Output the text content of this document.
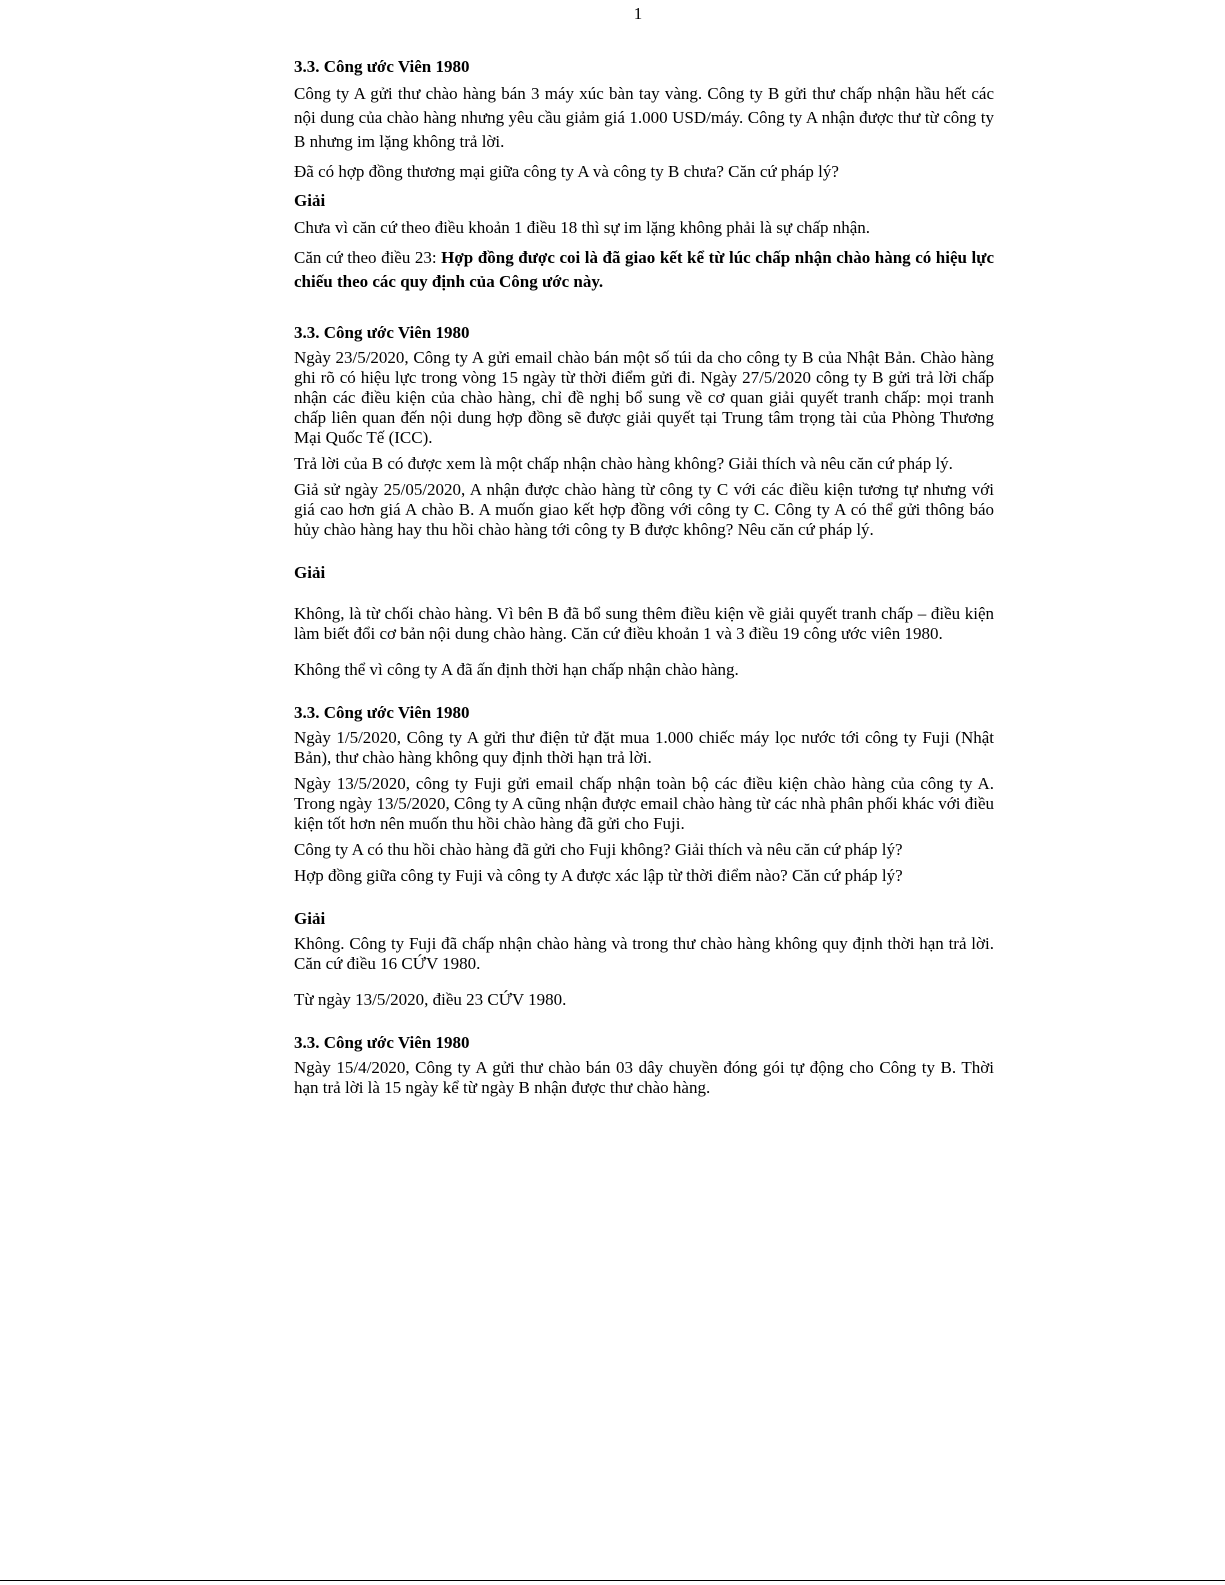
1
3.3. Công ước Viên 1980

Công ty A gửi thư chào hàng bán 3 máy xúc bàn tay vàng. Công ty B gửi thư chấp nhận hầu hết các nội dung của chào hàng nhưng yêu cầu giảm giá 1.000 USD/máy. Công ty A nhận được thư từ công ty B nhưng im lặng không trả lời.

Đã có hợp đồng thương mại giữa công ty A và công ty B chưa? Căn cứ pháp lý?

Giải

Chưa vì căn cứ theo điều khoản 1 điều 18 thì sự im lặng không phải là sự chấp nhận.

Căn cứ theo điều 23: Hợp đồng được coi là đã giao kết kể từ lúc chấp nhận chào hàng có hiệu lực chiếu theo các quy định của Công ước này.

3.3. Công ước Viên 1980

Ngày 23/5/2020, Công ty A gửi email chào bán một số túi da cho công ty B của Nhật Bản. Chào hàng ghi rõ có hiệu lực trong vòng 15 ngày từ thời điểm gửi đi. Ngày 27/5/2020 công ty B gửi trả lời chấp nhận các điều kiện của chào hàng, chỉ đề nghị bổ sung về cơ quan giải quyết tranh chấp: mọi tranh chấp liên quan đến nội dung hợp đồng sẽ được giải quyết tại Trung tâm trọng tài của Phòng Thương Mại Quốc Tế (ICC).

Trả lời của B có được xem là một chấp nhận chào hàng không? Giải thích và nêu căn cứ pháp lý.

Giả sử ngày 25/05/2020, A nhận được chào hàng từ công ty C với các điều kiện tương tự nhưng với giá cao hơn giá A chào B. A muốn giao kết hợp đồng với công ty C. Công ty A có thể gửi thông báo hủy chào hàng hay thu hồi chào hàng tới công ty B được không? Nêu căn cứ pháp lý.

Giải

Không, là từ chối chào hàng. Vì bên B đã bổ sung thêm điều kiện về giải quyết tranh chấp – điều kiện làm biết đổi cơ bản nội dung chào hàng. Căn cứ điều khoản 1 và 3 điều 19 công ước viên 1980.

Không thể vì công ty A đã ấn định thời hạn chấp nhận chào hàng.

3.3. Công ước Viên 1980

Ngày 1/5/2020, Công ty A gửi thư điện tử đặt mua 1.000 chiếc máy lọc nước tới công ty Fuji (Nhật Bản), thư chào hàng không quy định thời hạn trả lời.

Ngày 13/5/2020, công ty Fuji gửi email chấp nhận toàn bộ các điều kiện chào hàng của công ty A. Trong ngày 13/5/2020, Công ty A cũng nhận được email chào hàng từ các nhà phân phối khác với điều kiện tốt hơn nên muốn thu hồi chào hàng đã gửi cho Fuji.

Công ty A có thu hồi chào hàng đã gửi cho Fuji không? Giải thích và nêu căn cứ pháp lý?

Hợp đồng giữa công ty Fuji và công ty A được xác lập từ thời điểm nào? Căn cứ pháp lý?

Giải

Không. Công ty Fuji đã chấp nhận chào hàng và trong thư chào hàng không quy định thời hạn trả lời. Căn cứ điều 16 CỨV 1980.

Từ ngày 13/5/2020, điều 23 CỨV 1980.

3.3. Công ước Viên 1980

Ngày 15/4/2020, Công ty A gửi thư chào bán 03 dây chuyền đóng gói tự động cho Công ty B. Thời hạn trả lời là 15 ngày kể từ ngày B nhận được thư chào hàng.
